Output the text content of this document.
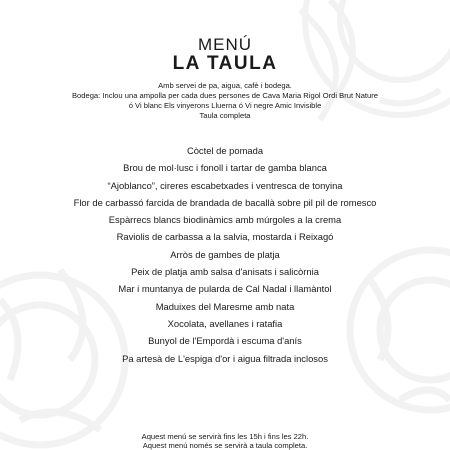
MENÚ
LA TAULA
Amb servei de pa, aigua, cafè i bodega.
Bodega: Inclou una ampolla per cada dues persones de Cava Maria Rigol Ordi Brut Nature
ó Vi blanc Els vinyerons Lluerna ó Vi negre Amic Invisible
Taula completa
Còctel de pomada
Brou de mol·lusc i fonoll i tartar de gamba blanca
“Ajoblanco”, cireres escabetxades i ventresca de tonyina
Flor de carbassó farcida de brandada de bacallà sobre pil pil de romesco
Espàrrecs blancs biodinàmics amb múrgoles a la crema
Raviolis de carbassa a la salvia, mostarda i Reixagó
Arròs de gambes de platja
Peix de platja amb salsa d'anisats i salicòrnia
Mar i muntanya de pularda de Cal Nadal i llamàntol
Maduixes del Maresme amb nata
Xocolata, avellanes i ratafia
Bunyol de l'Empordà i escuma d'anís
Pa artesà de L'espiga d'or i aigua filtrada inclosos
Aquest menú se servirà fins les 15h i fins les 22h.
Aquest menú només se servirà a taula completa.
